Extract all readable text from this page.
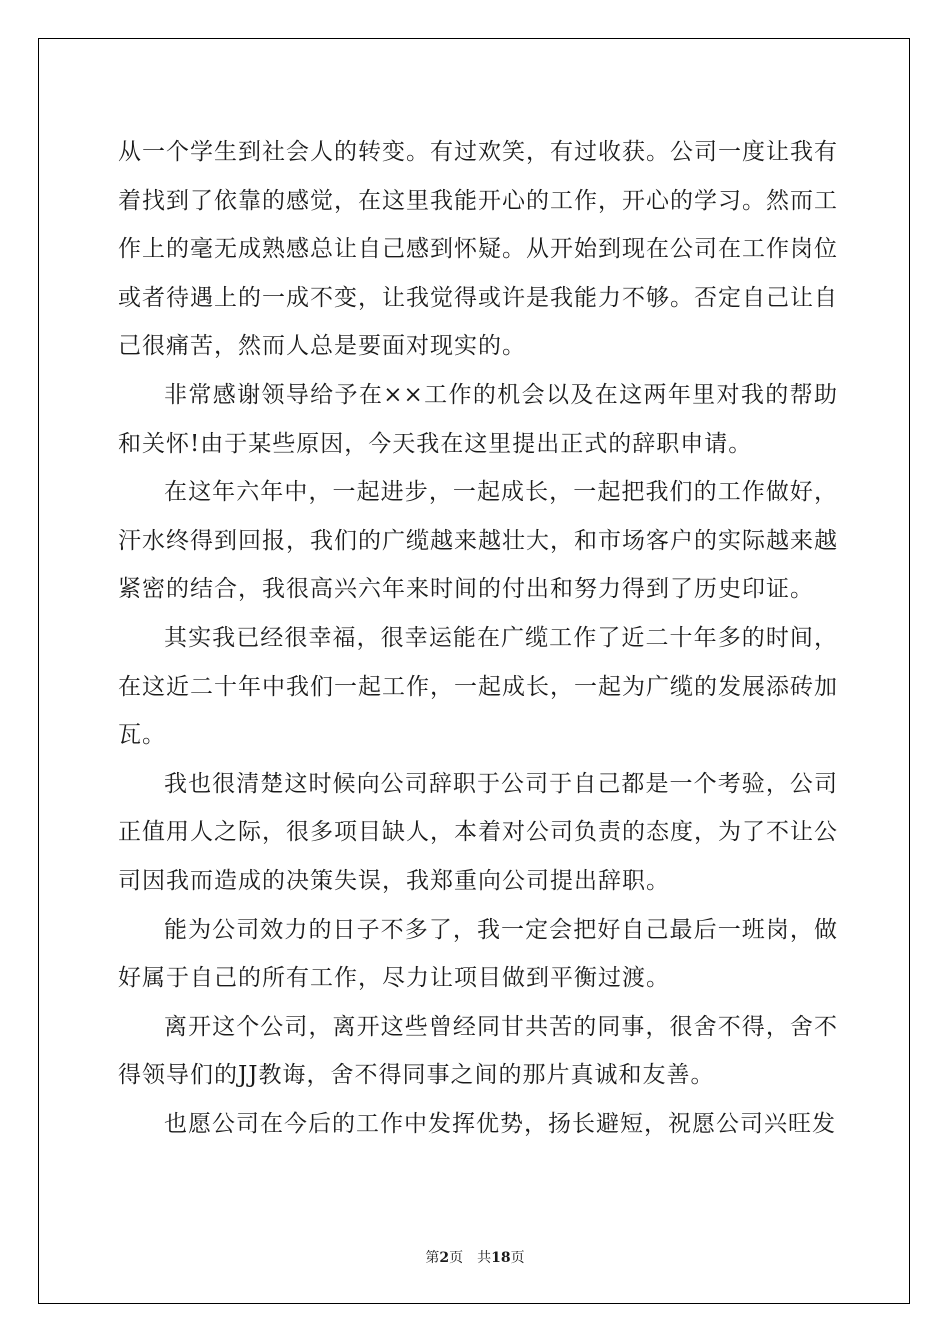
从一个学生到社会人的转变。有过欢笑，有过收获。公司一度让我有着找到了依靠的感觉，在这里我能开心的工作，开心的学习。然而工作上的毫无成熟感总让自己感到怀疑。从开始到现在公司在工作岗位或者待遇上的一成不变，让我觉得或许是我能力不够。否定自己让自己很痛苦，然而人总是要面对现实的。

非常感谢领导给予在××工作的机会以及在这两年里对我的帮助和关怀!由于某些原因，今天我在这里提出正式的辞职申请。

在这年六年中，一起进步，一起成长，一起把我们的工作做好，汗水终得到回报，我们的广缆越来越壮大，和市场客户的实际越来越紧密的结合，我很高兴六年来时间的付出和努力得到了历史印证。

其实我已经很幸福，很幸运能在广缆工作了近二十年多的时间，在这近二十年中我们一起工作，一起成长，一起为广缆的发展添砖加瓦。

我也很清楚这时候向公司辞职于公司于自己都是一个考验，公司正值用人之际，很多项目缺人，本着对公司负责的态度，为了不让公司因我而造成的决策失误，我郑重向公司提出辞职。

能为公司效力的日子不多了，我一定会把好自己最后一班岗，做好属于自己的所有工作，尽力让项目做到平衡过渡。

离开这个公司，离开这些曾经同甘共苦的同事，很舍不得，舍不得领导们的JJ教诲，舍不得同事之间的那片真诚和友善。

也愿公司在今后的工作中发挥优势，扬长避短，祝愿公司兴旺发

第2页 共18页
